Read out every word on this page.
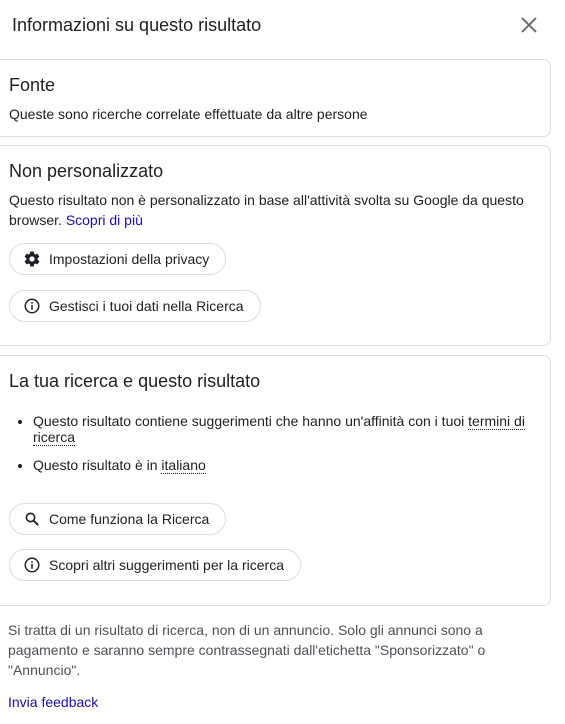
Informazioni su questo risultato
Fonte
Queste sono ricerche correlate effettuate da altre persone
Non personalizzato
Questo risultato non è personalizzato in base all'attività svolta su Google da questo browser. Scopri di più
Impostazioni della privacy
Gestisci i tuoi dati nella Ricerca
La tua ricerca e questo risultato
• Questo risultato contiene suggerimenti che hanno un'affinità con i tuoi termini di ricerca
• Questo risultato è in italiano
Come funziona la Ricerca
Scopri altri suggerimenti per la ricerca
Si tratta di un risultato di ricerca, non di un annuncio. Solo gli annunci sono a pagamento e saranno sempre contrassegnati dall'etichetta "Sponsorizzato" o "Annuncio".
Invia feedback
